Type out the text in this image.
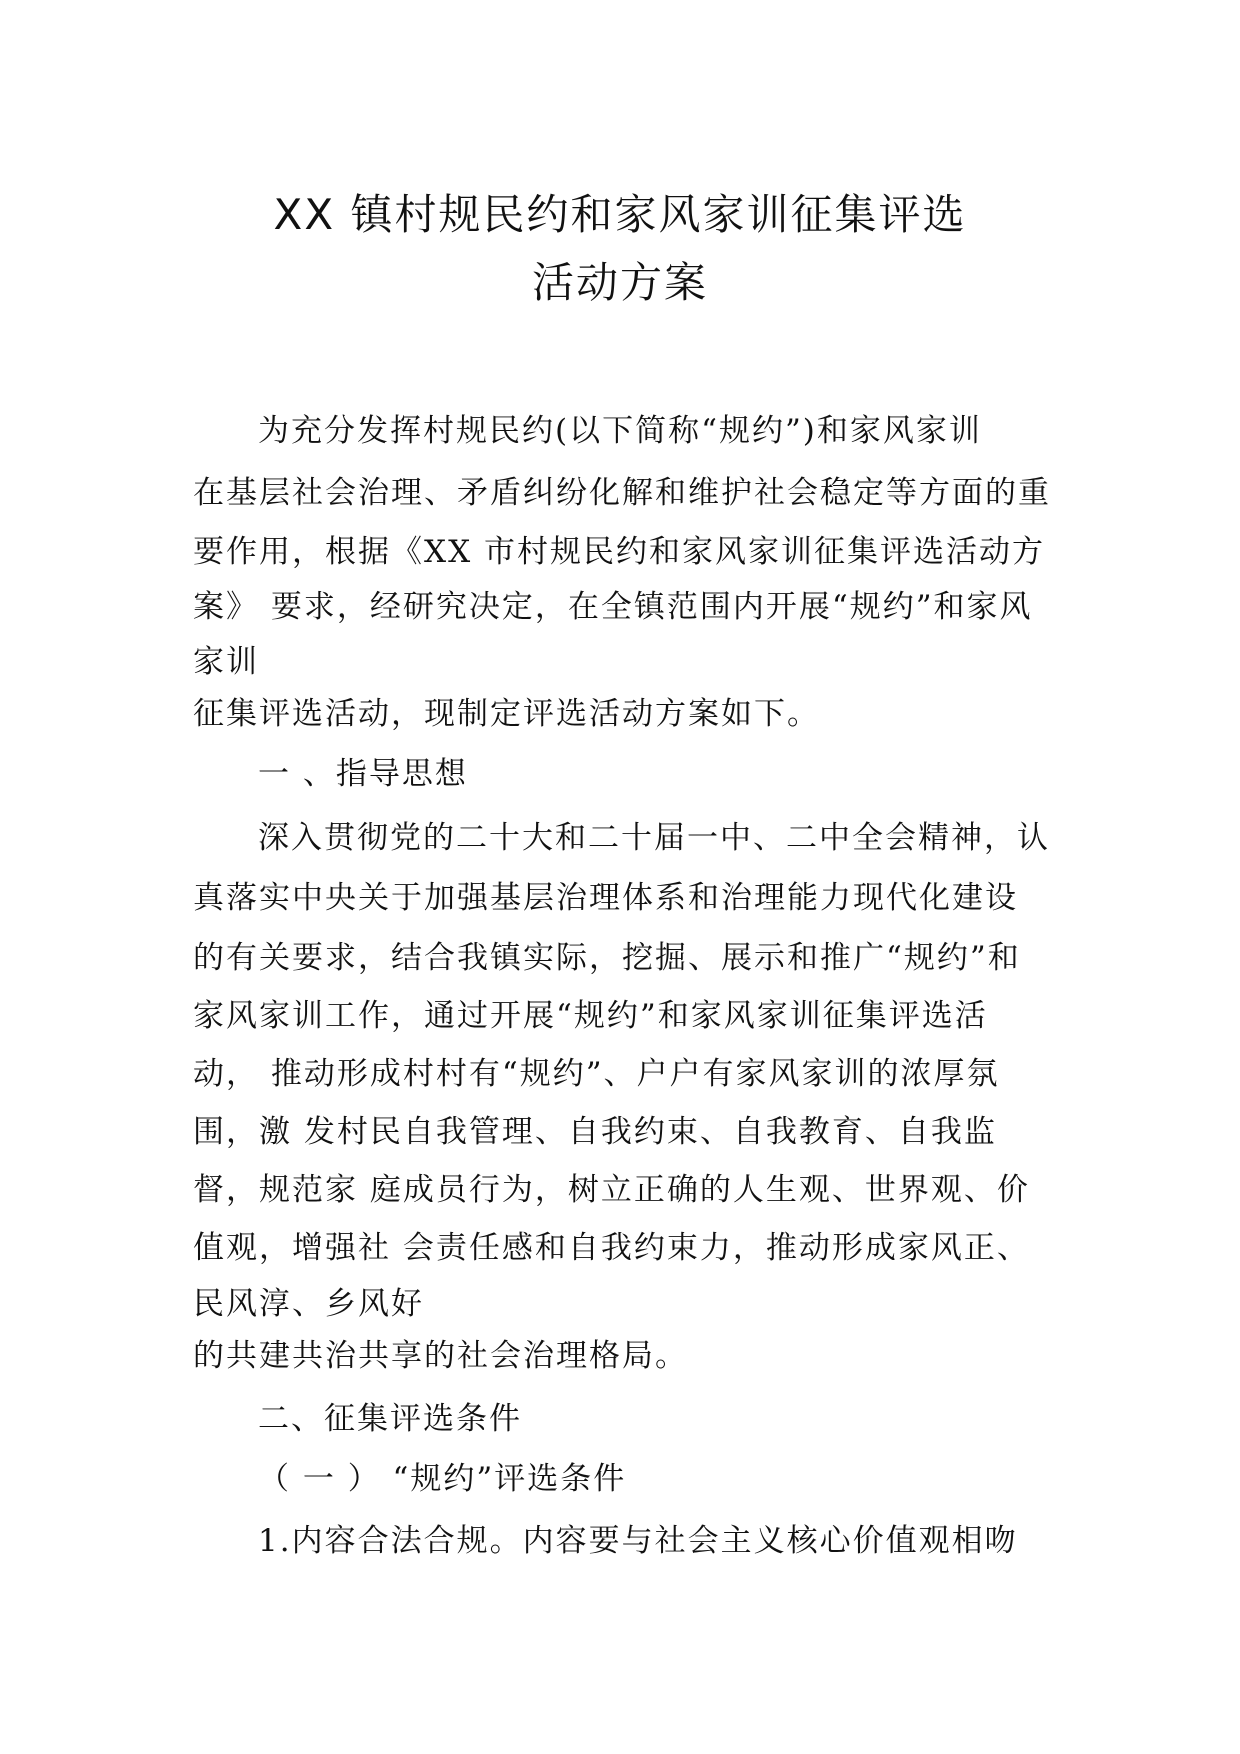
XX 镇村规民约和家风家训征集评选
活动方案
为充分发挥村规民约(以下简称“规约”)和家风家训
在基层社会治理、矛盾纠纷化解和维护社会稳定等方面的重
要作用，根据《XX 市村规民约和家风家训征集评选活动方
案》 要求，经研究决定，在全镇范围内开展“规约”和家风
家训
征集评选活动，现制定评选活动方案如下。
一 、指导思想
深入贯彻党的二十大和二十届一中、二中全会精神，认
真落实中央关于加强基层治理体系和治理能力现代化建设
的有关要求，结合我镇实际，挖掘、展示和推广“规约”和
家风家训工作，通过开展“规约”和家风家训征集评选活
动， 推动形成村村有“规约”、户户有家风家训的浓厚氛
围，激 发村民自我管理、自我约束、自我教育、自我监
督，规范家 庭成员行为，树立正确的人生观、世界观、价
值观，增强社 会责任感和自我约束力，推动形成家风正、
民风淳、乡风好
的共建共治共享的社会治理格局。
二、征集评选条件
（ 一 ） “规约”评选条件
1.内容合法合规。内容要与社会主义核心价值观相吻
